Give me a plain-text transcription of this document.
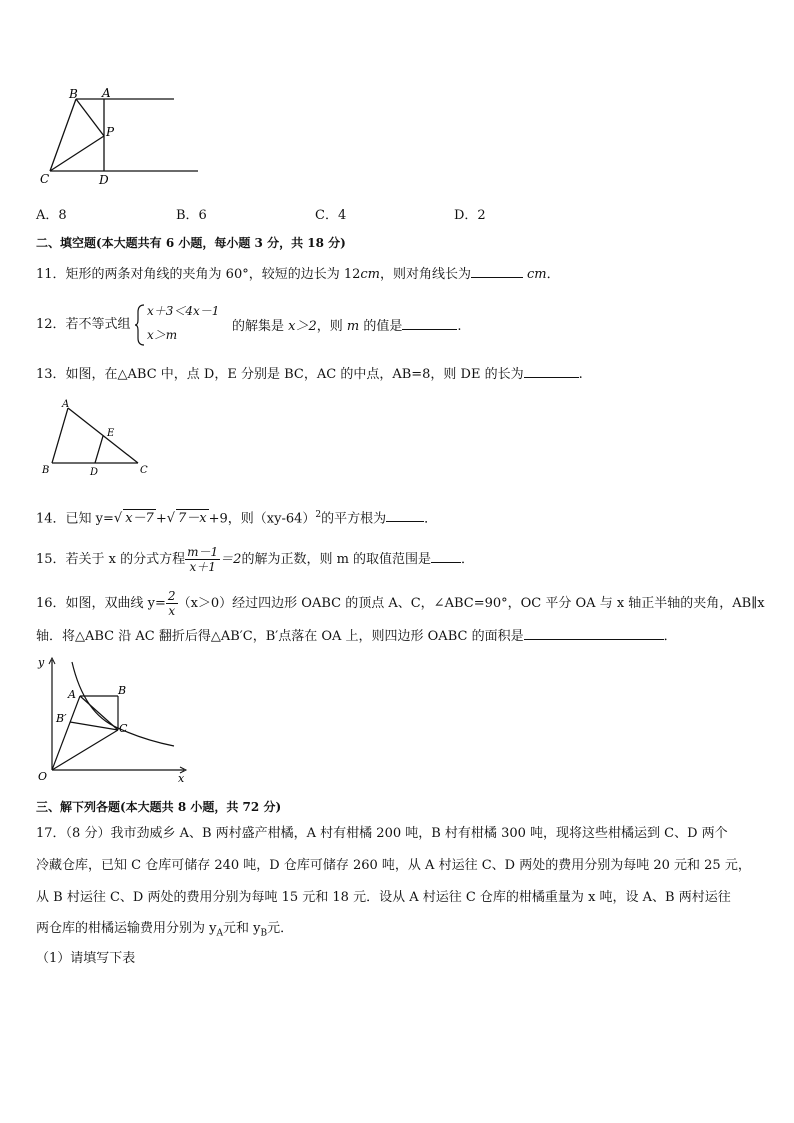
B A
P
C	D
A．8	B．6	C．4	D．2
二、填空题(本大题共有 6 小题，每小题 3 分，共 18 分)
11．矩形的两条对角线的夹角为 60°，较短的边长为 12cm，则对角线长为	cm．
12．若不等式组
x＋3＜4x－1
x＞m
的解集是 x＞2，则 m 的值是	.
13．如图，在△ABC 中，点 D，E 分别是 BC，AC 的中点，AB=8，则 DE 的长为	.
A
E
B	D	C
14．已知 y=√ x－7 +√ 7－x +9，则$(xy-64)^2$的平方根为	．
15．若关于 x 的分式方程 $\frac{m-1}{x+1} =2$的解为正数，则 m 的取值范围是 ．
16．如图，双曲线 $y= \frac{2}{x} (x>0)$经过四边形 OABC 的顶点 A、C，∠ABC=90°，OC 平分 OA 与 x 轴正半轴的夹角，AB∥x
轴．将△ABC 沿 AC 翻折后得△AB′C，B′点落在 OA 上，则四边形 OABC 的面积是	．
y
x
O
A	B
B′
C
三、解下列各题(本大题共 8 小题，共 72 分)
17．（8 分）我市劲威乡 A、B 两村盛产柑橘，A 村有柑橘 200 吨，B 村有柑橘 300 吨，现将这些柑橘运到 C、D 两个
冷藏仓库，已知 C 仓库可储存 240 吨，D 仓库可储存 260 吨，从 A 村运往 C、D 两处的费用分别为每吨 20 元和 25 元，
从 B 村运往 C、D 两处的费用分别为每吨 15 元和 18 元．设从 A 村运往 C 仓库的柑橘重量为 x 吨，设 A、B 两村运往
两仓库的柑橘运输费用分别为 $y_A$元和 $y_B$元．
（1）请填写下表
